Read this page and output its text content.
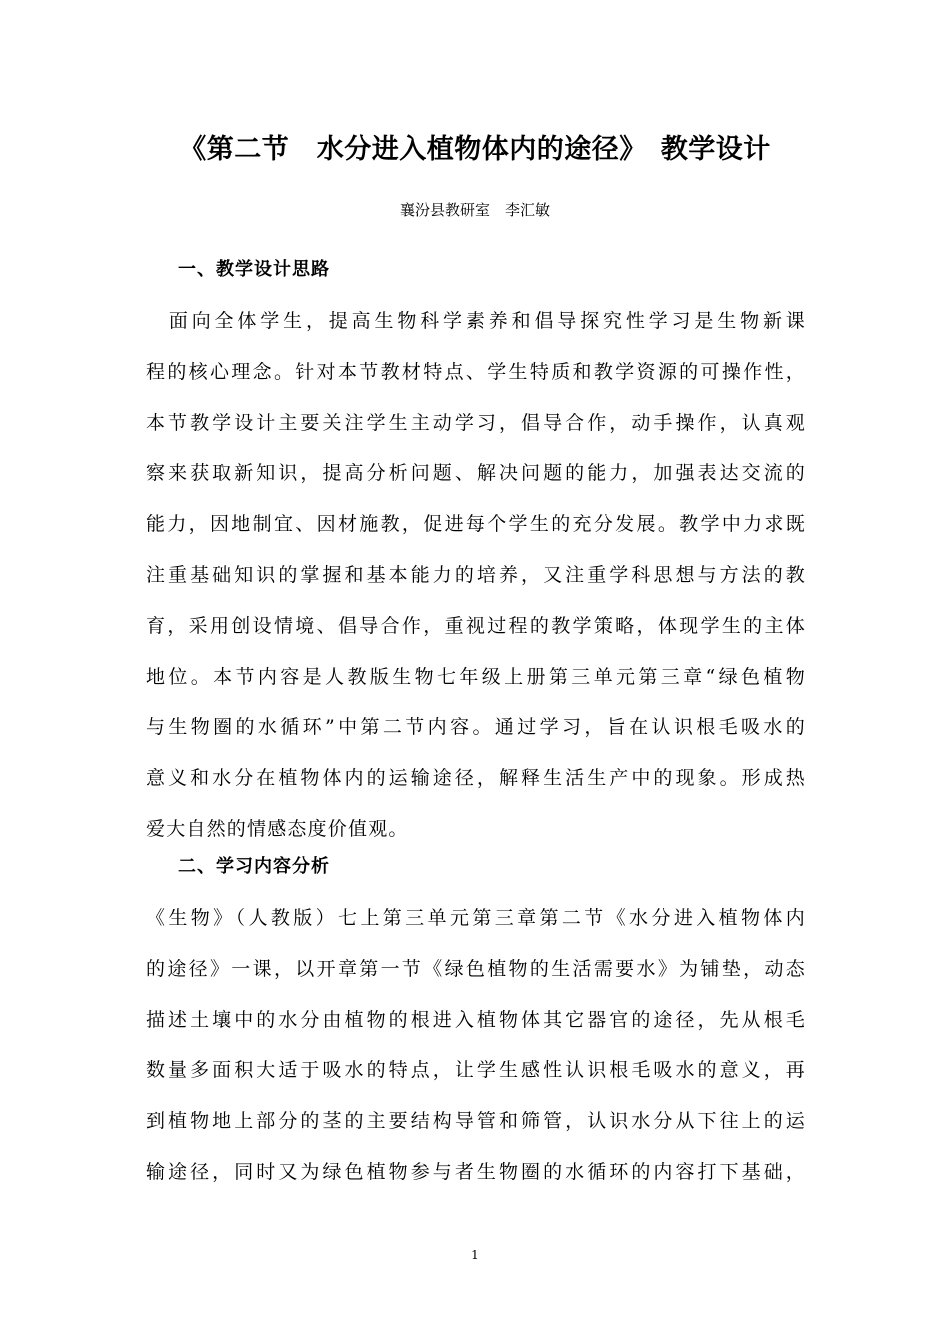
《第二节　水分进入植物体内的途径》　教学设计
襄汾县教研室　李汇敏
一、教学设计思路
　面向全体学生，提高生物科学素养和倡导探究性学习是生物新课
程的核心理念。针对本节教材特点、学生特质和教学资源的可操作性，
本节教学设计主要关注学生主动学习，倡导合作，动手操作，认真观
察来获取新知识，提高分析问题、解决问题的能力，加强表达交流的
能力，因地制宜、因材施教，促进每个学生的充分发展。教学中力求既
注重基础知识的掌握和基本能力的培养，又注重学科思想与方法的教
育，采用创设情境、倡导合作，重视过程的教学策略，体现学生的主体
地位。本节内容是人教版生物七年级上册第三单元第三章“绿色植物
与生物圈的水循环”中第二节内容。通过学习，旨在认识根毛吸水的
意义和水分在植物体内的运输途径，解释生活生产中的现象。形成热
爱大自然的情感态度价值观。
二、学习内容分析
《生物》（人教版）七上第三单元第三章第二节《水分进入植物体内
的途径》一课，以开章第一节《绿色植物的生活需要水》为铺垫，动态
描述土壤中的水分由植物的根进入植物体其它器官的途径，先从根毛
数量多面积大适于吸水的特点，让学生感性认识根毛吸水的意义，再
到植物地上部分的茎的主要结构导管和筛管，认识水分从下往上的运
输途径，同时又为绿色植物参与者生物圈的水循环的内容打下基础，
1
